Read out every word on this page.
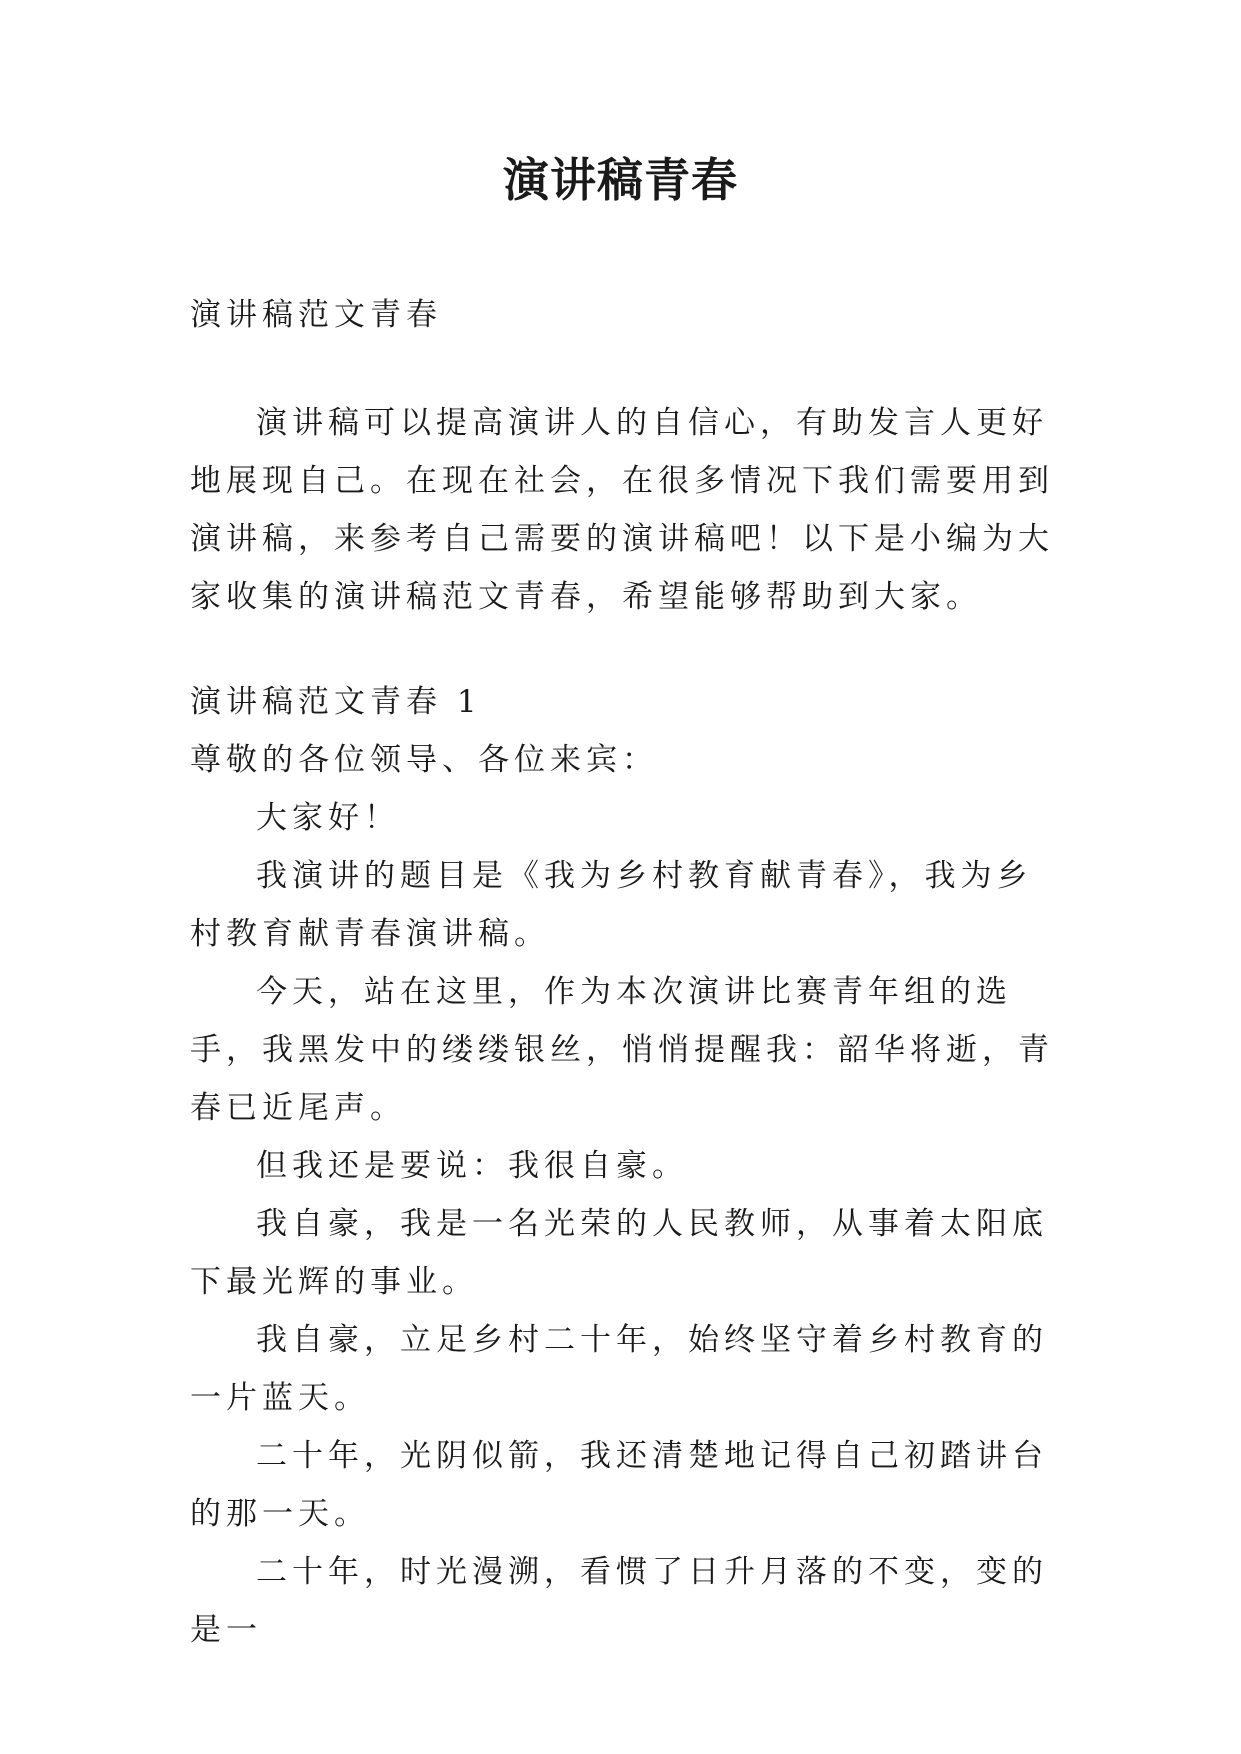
演讲稿青春

演讲稿范文青春

演讲稿可以提高演讲人的自信心，有助发言人更好地展现自己。在现在社会，在很多情况下我们需要用到演讲稿，来参考自己需要的演讲稿吧！以下是小编为大家收集的演讲稿范文青春，希望能够帮助到大家。

演讲稿范文青春 1

尊敬的各位领导、各位来宾：

大家好！

我演讲的题目是《我为乡村教育献青春》，我为乡村教育献青春演讲稿。

今天，站在这里，作为本次演讲比赛青年组的选手，我黑发中的缕缕银丝，悄悄提醒我：韶华将逝，青春已近尾声。

但我还是要说：我很自豪。

我自豪，我是一名光荣的人民教师，从事着太阳底下最光辉的事业。

我自豪，立足乡村二十年，始终坚守着乡村教育的一片蓝天。

二十年，光阴似箭，我还清楚地记得自己初踏讲台的那一天。

二十年，时光漫溯，看惯了日升月落的不变，变的是一
